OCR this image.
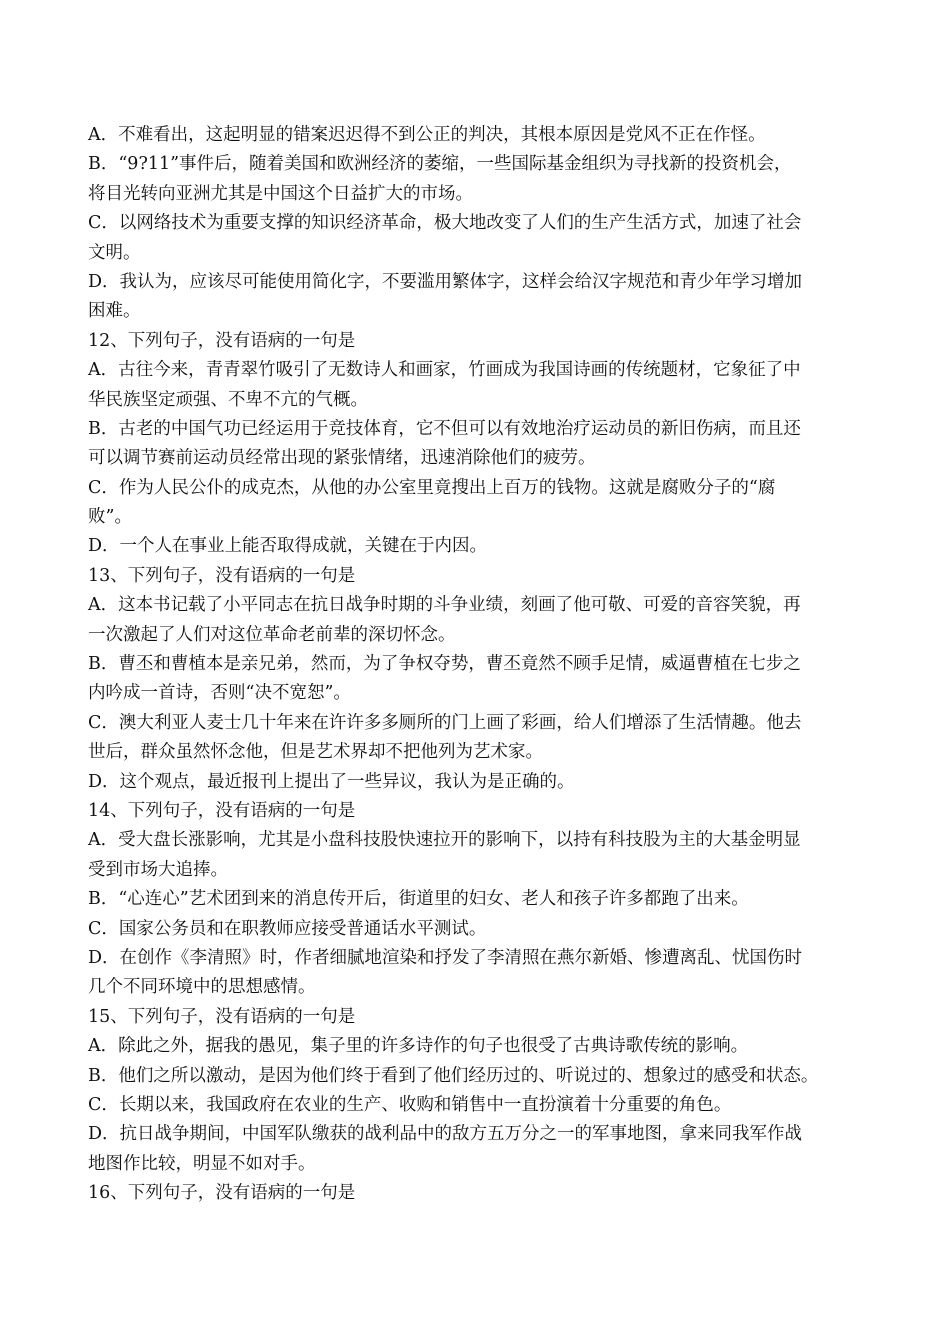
A．不难看出，这起明显的错案迟迟得不到公正的判决，其根本原因是党风不正在作怪。
B．“9?11”事件后，随着美国和欧洲经济的萎缩，一些国际基金组织为寻找新的投资机会，
将目光转向亚洲尤其是中国这个日益扩大的市场。
C．以网络技术为重要支撑的知识经济革命，极大地改变了人们的生产生活方式，加速了社会
文明。
D．我认为，应该尽可能使用简化字，不要滥用繁体字，这样会给汉字规范和青少年学习增加
困难。
12、下列句子，没有语病的一句是
A．古往今来，青青翠竹吸引了无数诗人和画家，竹画成为我国诗画的传统题材，它象征了中
华民族坚定顽强、不卑不亢的气概。
B．古老的中国气功已经运用于竞技体育，它不但可以有效地治疗运动员的新旧伤病，而且还
可以调节赛前运动员经常出现的紧张情绪，迅速消除他们的疲劳。
C．作为人民公仆的成克杰，从他的办公室里竟搜出上百万的钱物。这就是腐败分子的“腐
败”。
D．一个人在事业上能否取得成就，关键在于内因。
13、下列句子，没有语病的一句是
A．这本书记载了小平同志在抗日战争时期的斗争业绩，刻画了他可敬、可爱的音容笑貌，再
一次激起了人们对这位革命老前辈的深切怀念。
B．曹丕和曹植本是亲兄弟，然而，为了争权夺势，曹丕竟然不顾手足情，威逼曹植在七步之
内吟成一首诗，否则“决不宽恕”。
C．澳大利亚人麦士几十年来在许许多多厕所的门上画了彩画，给人们增添了生活情趣。他去
世后，群众虽然怀念他，但是艺术界却不把他列为艺术家。
D．这个观点，最近报刊上提出了一些异议，我认为是正确的。
14、下列句子，没有语病的一句是
A．受大盘长涨影响，尤其是小盘科技股快速拉开的影响下，以持有科技股为主的大基金明显
受到市场大追捧。
B．“心连心”艺术团到来的消息传开后，街道里的妇女、老人和孩子许多都跑了出来。
C．国家公务员和在职教师应接受普通话水平测试。
D．在创作《李清照》时，作者细腻地渲染和抒发了李清照在燕尔新婚、惨遭离乱、忧国伤时
几个不同环境中的思想感情。
15、下列句子，没有语病的一句是
A．除此之外，据我的愚见，集子里的许多诗作的句子也很受了古典诗歌传统的影响。
B．他们之所以激动，是因为他们终于看到了他们经历过的、听说过的、想象过的感受和状态。
C．长期以来，我国政府在农业的生产、收购和销售中一直扮演着十分重要的角色。
D．抗日战争期间，中国军队缴获的战利品中的敌方五万分之一的军事地图，拿来同我军作战
地图作比较，明显不如对手。
16、下列句子，没有语病的一句是
